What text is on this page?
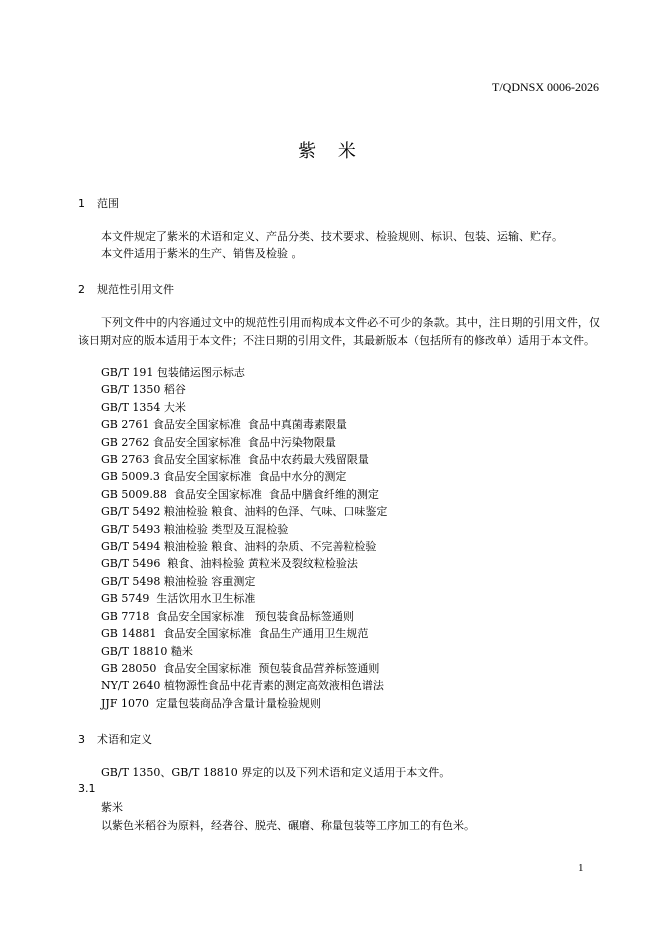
T/QDNSX 0006-2026
紫 米
1 范围

本文件规定了紫米的术语和定义、产品分类、技术要求、检验规则、标识、包装、运输、贮存。

本文件适用于紫米的生产、销售及检验 。

2 规范性引用文件

下列文件中的内容通过文中的规范性引用而构成本文件必不可少的条款。其中，注日期的引用文件，仅该日期对应的版本适用于本文件；不注日期的引用文件，其最新版本（包括所有的修改单）适用于本文件。

GB/T 191 包装储运图示标志
GB/T 1350 稻谷
GB/T 1354 大米
GB 2761 食品安全国家标准  食品中真菌毒素限量
GB 2762 食品安全国家标准  食品中污染物限量
GB 2763 食品安全国家标准  食品中农药最大残留限量
GB 5009.3 食品安全国家标准  食品中水分的测定
GB 5009.88  食品安全国家标准  食品中膳食纤维的测定
GB/T 5492 粮油检验 粮食、油料的色泽、气味、口味鉴定
GB/T 5493 粮油检验 类型及互混检验
GB/T 5494 粮油检验 粮食、油料的杂质、不完善粒检验
GB/T 5496  粮食、油料检验 黄粒米及裂纹粒检验法
GB/T 5498 粮油检验 容重测定
GB 5749  生活饮用水卫生标准
GB 7718  食品安全国家标准   预包装食品标签通则
GB 14881  食品安全国家标准  食品生产通用卫生规范
GB/T 18810 糙米
GB 28050  食品安全国家标准  预包装食品营养标签通则
NY/T 2640 植物源性食品中花青素的测定高效液相色谱法
JJF 1070  定量包装商品净含量计量检验规则
3 术语和定义
GB/T 1350、GB/T 18810 界定的以及下列术语和定义适用于本文件。
3.1
紫米
以紫色米稻谷为原料，经砻谷、脱壳、碾磨、称量包装等工序加工的有色米。
1
